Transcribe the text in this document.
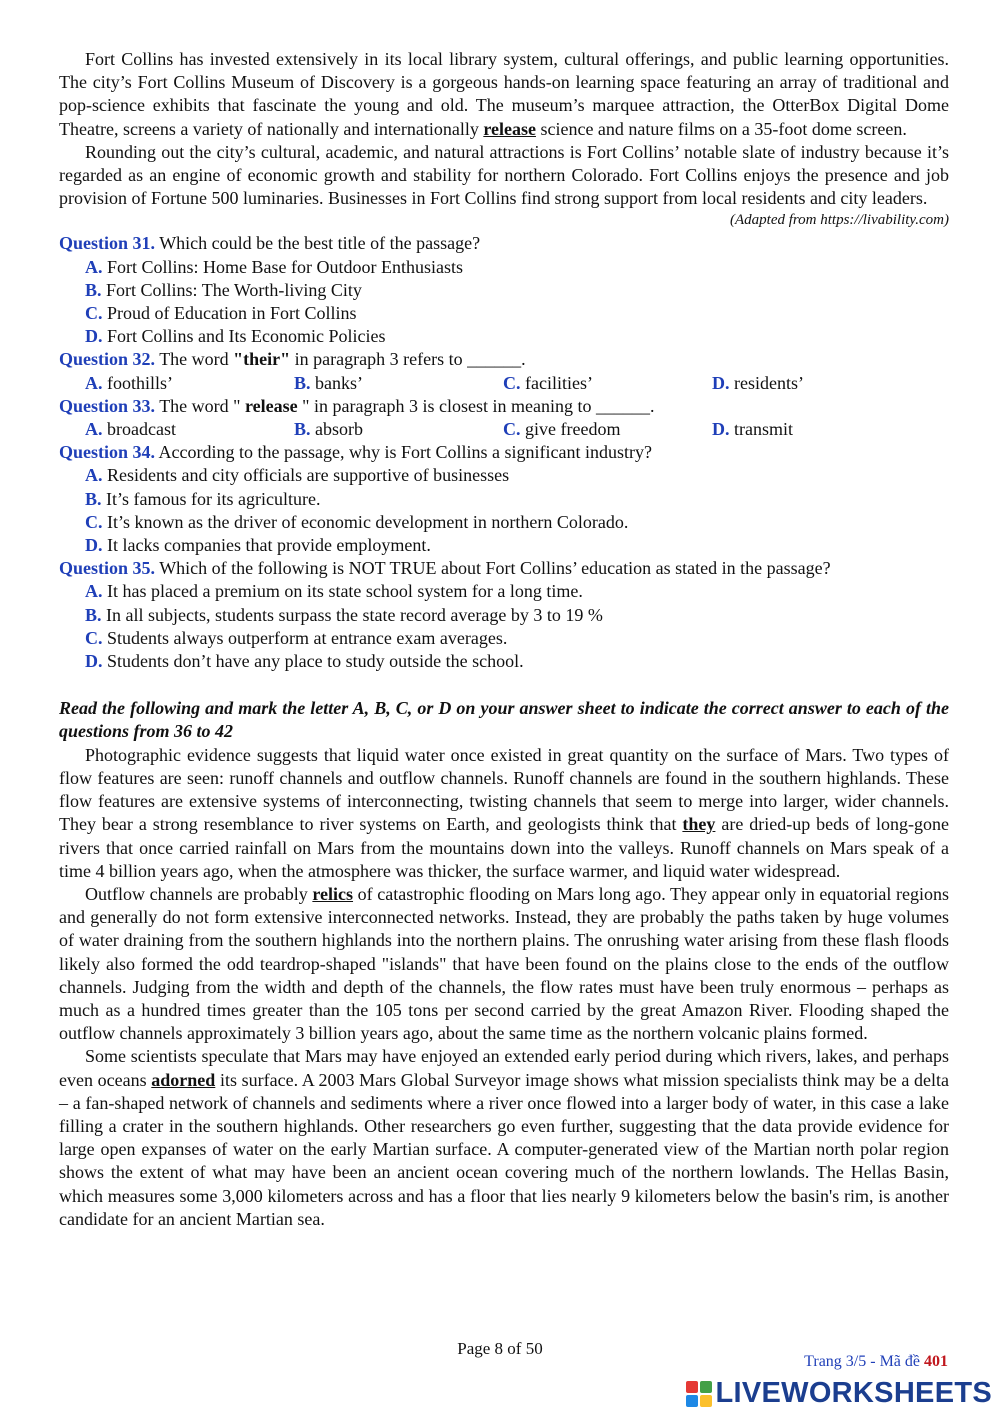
Fort Collins has invested extensively in its local library system, cultural offerings, and public learning opportunities. The city’s Fort Collins Museum of Discovery is a gorgeous hands-on learning space featuring an array of traditional and pop-science exhibits that fascinate the young and old. The museum’s marquee attraction, the OtterBox Digital Dome Theatre, screens a variety of nationally and internationally release science and nature films on a 35-foot dome screen.

Rounding out the city’s cultural, academic, and natural attractions is Fort Collins’ notable slate of industry because it’s regarded as an engine of economic growth and stability for northern Colorado. Fort Collins enjoys the presence and job provision of Fortune 500 luminaries. Businesses in Fort Collins find strong support from local residents and city leaders.

(Adapted from https://livability.com)

Question 31. Which could be the best title of the passage?

A. Fort Collins: Home Base for Outdoor Enthusiasts

B. Fort Collins: The Worth-living City

C. Proud of Education in Fort Collins

D. Fort Collins and Its Economic Policies

Question 32. The word "their" in paragraph 3 refers to ______.

A. foothills’	B. banks’	C. facilities’	D. residents’

Question 33. The word " release " in paragraph 3 is closest in meaning to ______.

A. broadcast	B. absorb	C. give freedom	D. transmit

Question 34. According to the passage, why is Fort Collins a significant industry?

A. Residents and city officials are supportive of businesses

B. It’s famous for its agriculture.

C. It’s known as the driver of economic development in northern Colorado.

D. It lacks companies that provide employment.

Question 35. Which of the following is NOT TRUE about Fort Collins’ education as stated in the passage?

A. It has placed a premium on its state school system for a long time.

B. In all subjects, students surpass the state record average by 3 to 19 %

C. Students always outperform at entrance exam averages.

D. Students don’t have any place to study outside the school.

Read the following and mark the letter A, B, C, or D on your answer sheet to indicate the correct answer to each of the questions from 36 to 42

Photographic evidence suggests that liquid water once existed in great quantity on the surface of Mars. Two types of flow features are seen: runoff channels and outflow channels. Runoff channels are found in the southern highlands. These flow features are extensive systems of interconnecting, twisting channels that seem to merge into larger, wider channels. They bear a strong resemblance to river systems on Earth, and geologists think that they are dried-up beds of long-gone rivers that once carried rainfall on Mars from the mountains down into the valleys. Runoff channels on Mars speak of a time 4 billion years ago, when the atmosphere was thicker, the surface warmer, and liquid water widespread.

Outflow channels are probably relics of catastrophic flooding on Mars long ago. They appear only in equatorial regions and generally do not form extensive interconnected networks. Instead, they are probably the paths taken by huge volumes of water draining from the southern highlands into the northern plains. The onrushing water arising from these flash floods likely also formed the odd teardrop-shaped "islands" that have been found on the plains close to the ends of the outflow channels. Judging from the width and depth of the channels, the flow rates must have been truly enormous – perhaps as much as a hundred times greater than the 105 tons per second carried by the great Amazon River. Flooding shaped the outflow channels approximately 3 billion years ago, about the same time as the northern volcanic plains formed.

Some scientists speculate that Mars may have enjoyed an extended early period during which rivers, lakes, and perhaps even oceans adorned its surface. A 2003 Mars Global Surveyor image shows what mission specialists think may be a delta – a fan-shaped network of channels and sediments where a river once flowed into a larger body of water, in this case a lake filling a crater in the southern highlands. Other researchers go even further, suggesting that the data provide evidence for large open expanses of water on the early Martian surface. A computer-generated view of the Martian north polar region shows the extent of what may have been an ancient ocean covering much of the northern lowlands. The Hellas Basin, which measures some 3,000 kilometers across and has a floor that lies nearly 9 kilometers below the basin's rim, is another candidate for an ancient Martian sea.

Page 8 of 50
Trang 3/5 - Mã đề 401
LIVEWORKSHEETS
